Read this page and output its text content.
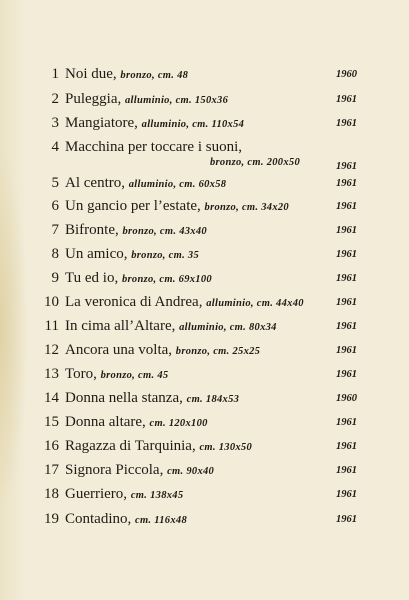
1 Noi due, bronzo, cm. 48	1960
2 Puleggia, alluminio, cm. 150x36	1961
3 Mangiatore, alluminio, cm. 110x54	1961
4 Macchina per toccare i suoni,
bronzo, cm. 200x50	1961
5 Al centro, alluminio, cm. 60x58	1961
6 Un gancio per l’estate, bronzo, cm. 34x20	1961
7 Bifronte, bronzo, cm. 43x40	1961
8 Un amico, bronzo, cm. 35	1961
9 Tu ed io, bronzo, cm. 69x100	1961
10 La veronica di Andrea, alluminio, cm. 44x40	1961
11 In cima all’Altare, alluminio, cm. 80x34	1961
12 Ancora una volta, bronzo, cm. 25x25	1961
13 Toro, bronzo, cm. 45	1961
14 Donna nella stanza, cm. 184x53	1960
15 Donna altare, cm. 120x100	1961
16 Ragazza di Tarquinia, cm. 130x50	1961
17 Signora Piccola, cm. 90x40	1961
18 Guerriero, cm. 138x45	1961
19 Contadino, cm. 116x48	1961
